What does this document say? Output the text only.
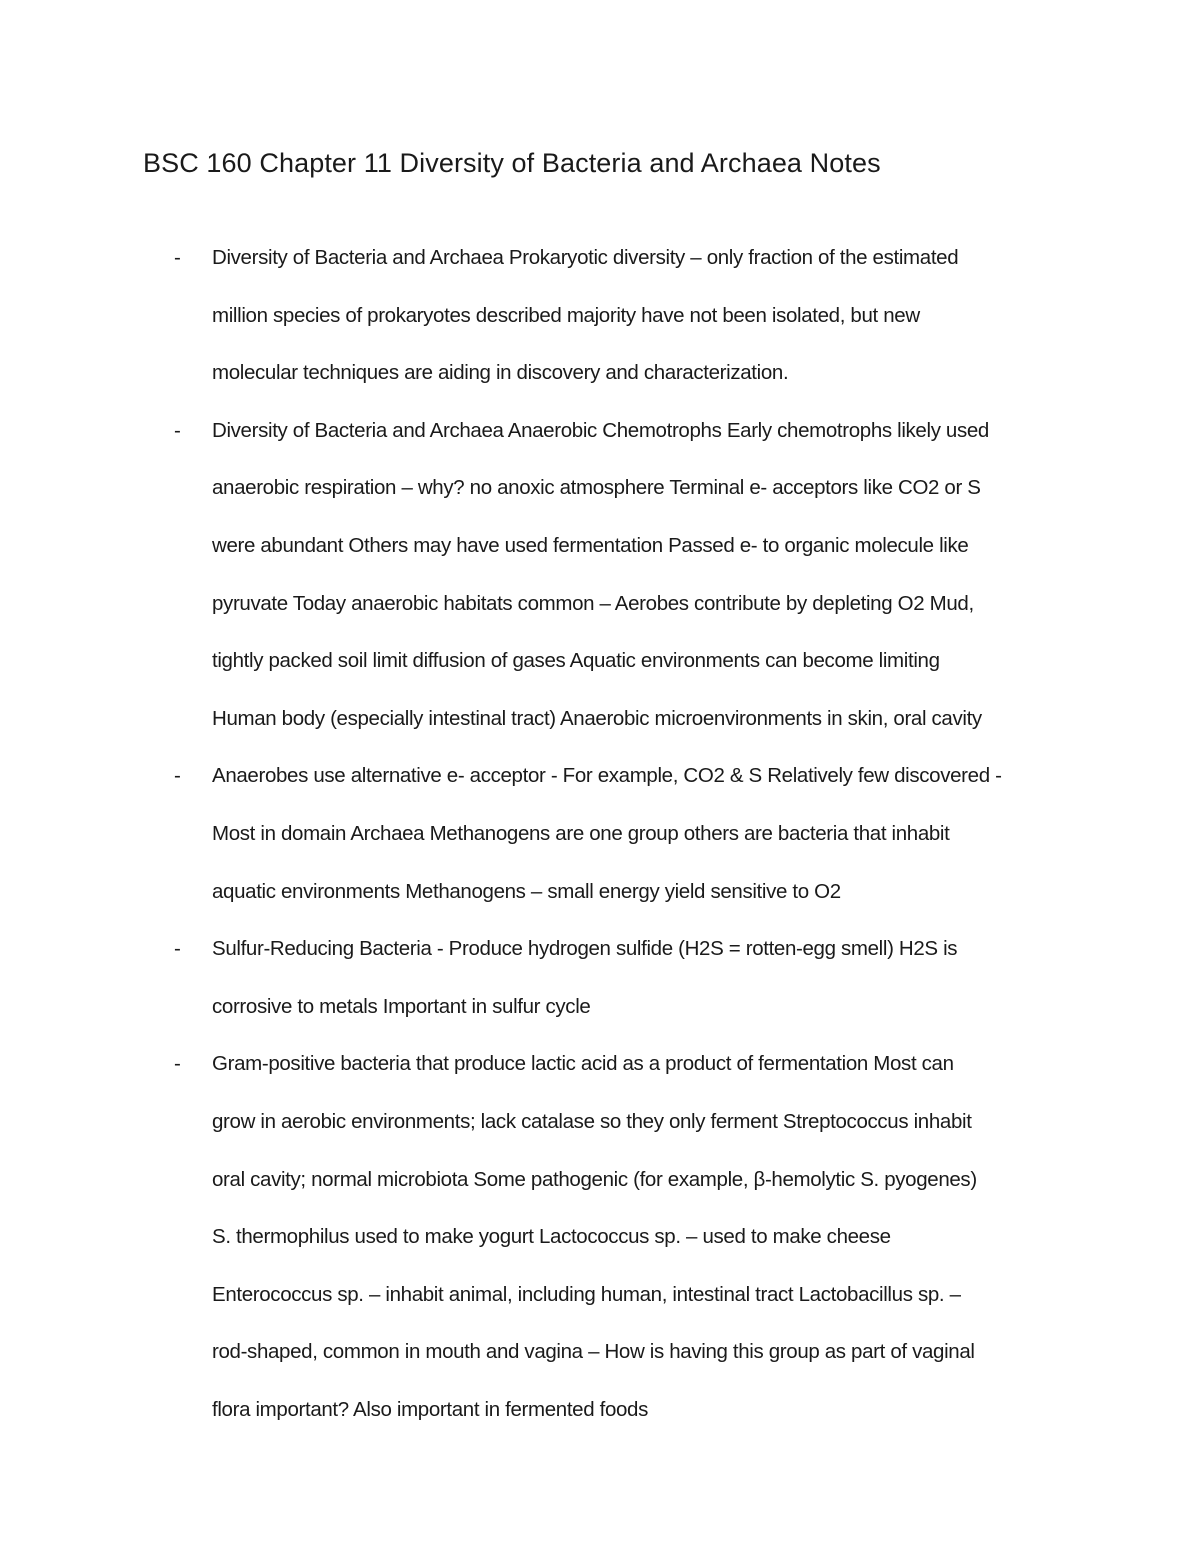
BSC 160 Chapter 11 Diversity of Bacteria and Archaea Notes
-	Diversity of Bacteria and Archaea Prokaryotic diversity – only fraction of the estimated
million species of prokaryotes described majority have not been isolated, but new
molecular techniques are aiding in discovery and characterization.
-	Diversity of Bacteria and Archaea Anaerobic Chemotrophs Early chemotrophs likely used
anaerobic respiration – why? no anoxic atmosphere Terminal e- acceptors like CO2 or S
were abundant Others may have used fermentation Passed e- to organic molecule like
pyruvate Today anaerobic habitats common – Aerobes contribute by depleting O2 Mud,
tightly packed soil limit diffusion of gases Aquatic environments can become limiting
Human body (especially intestinal tract) Anaerobic microenvironments in skin, oral cavity
-	Anaerobes use alternative e- acceptor - For example, CO2 & S Relatively few discovered -
Most in domain Archaea Methanogens are one group others are bacteria that inhabit
aquatic environments Methanogens – small energy yield sensitive to O2
-	Sulfur-Reducing Bacteria - Produce hydrogen sulfide (H2S = rotten-egg smell) H2S is
corrosive to metals Important in sulfur cycle
-	Gram-positive bacteria that produce lactic acid as a product of fermentation Most can
grow in aerobic environments; lack catalase so they only ferment Streptococcus inhabit
oral cavity; normal microbiota Some pathogenic (for example, β-hemolytic S. pyogenes)
S. thermophilus used to make yogurt Lactococcus sp. – used to make cheese
Enterococcus sp. – inhabit animal, including human, intestinal tract Lactobacillus sp. –
rod-shaped, common in mouth and vagina – How is having this group as part of vaginal
flora important? Also important in fermented foods
